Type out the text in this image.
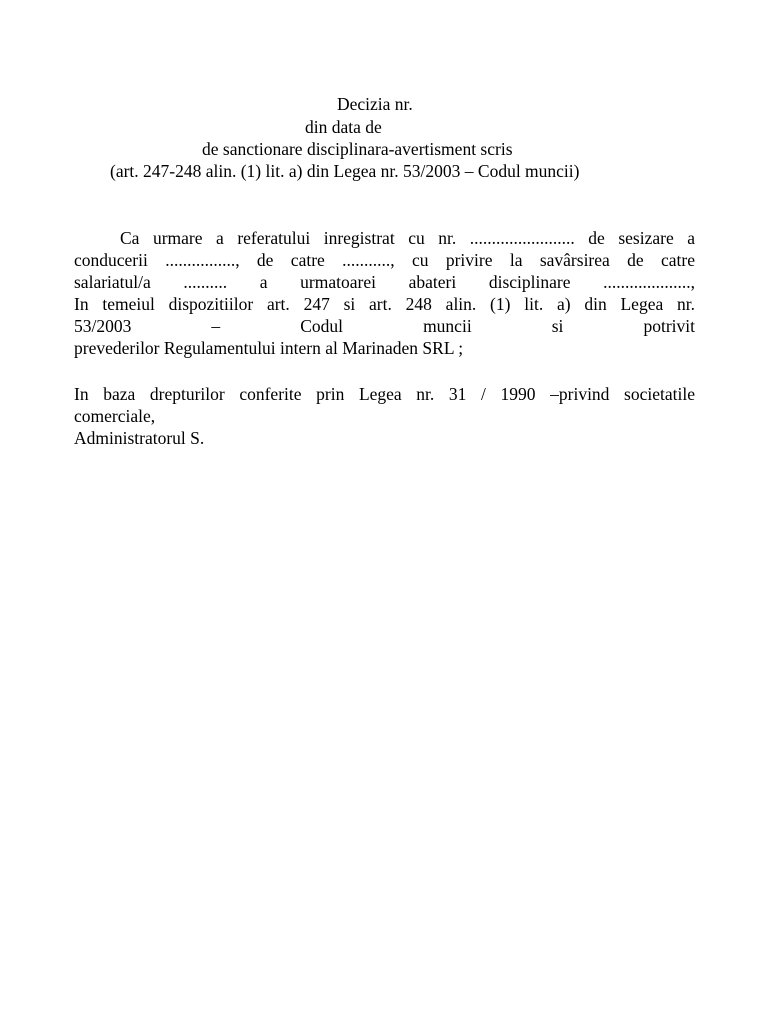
Decizia nr.
din data de
de sanctionare disciplinara-avertisment scris
(art. 247-248 alin. (1) lit. a) din Legea nr. 53/2003 – Codul muncii)
Ca urmare a referatului inregistrat cu nr. ........................ de sesizare a
conducerii ................, de catre ..........., cu privire la savârsirea de catre
salariatul/a .......... a urmatoarei abateri disciplinare ....................,
In temeiul dispozitiilor art. 247 si art. 248 alin. (1) lit. a) din Legea nr.
53/2003 – Codul muncii si potrivit
prevederilor Regulamentului intern al Marinaden SRL ;
In baza drepturilor conferite prin Legea nr. 31 / 1990 –privind societatile
comerciale,
Administratorul S.
